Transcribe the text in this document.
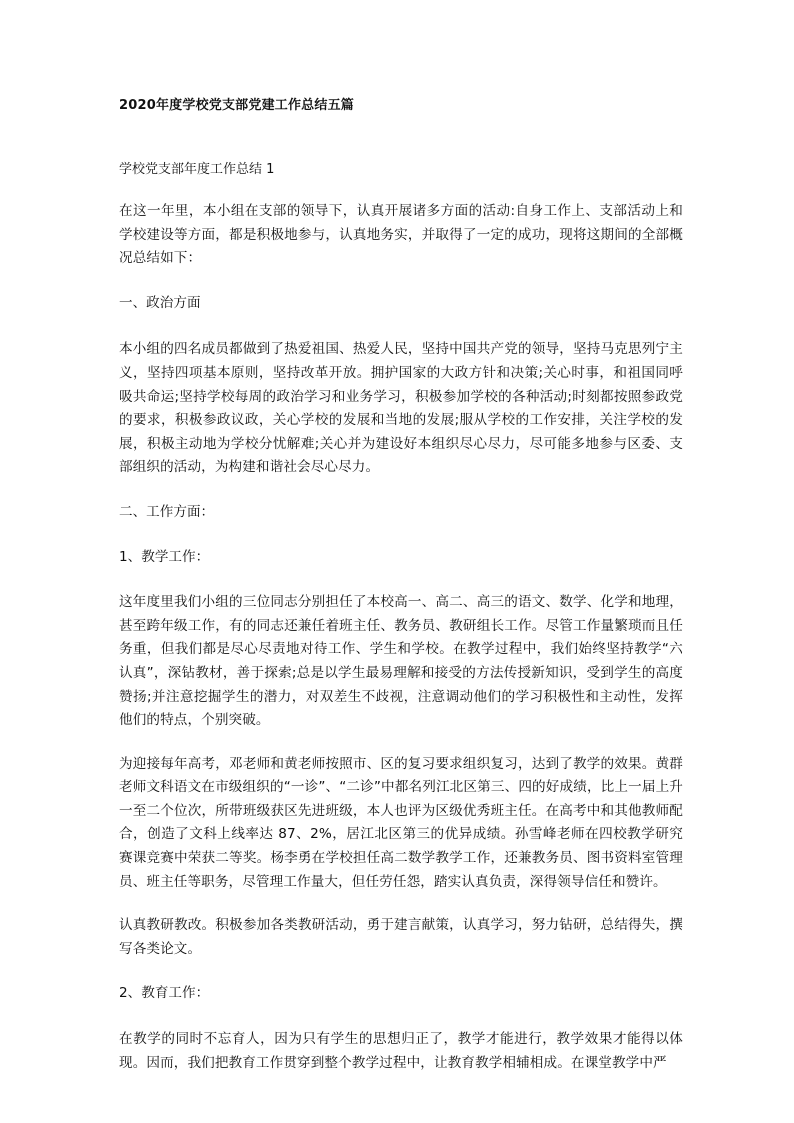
2020年度学校党支部党建工作总结五篇

学校党支部年度工作总结 1

在这一年里，本小组在支部的领导下，认真开展诸多方面的活动:自身工作上、支部活动上和学校建设等方面，都是积极地参与，认真地务实，并取得了一定的成功，现将这期间的全部概况总结如下：

一、政治方面

本小组的四名成员都做到了热爱祖国、热爱人民，坚持中国共产党的领导，坚持马克思列宁主义，坚持四项基本原则，坚持改革开放。拥护国家的大政方针和决策;关心时事，和祖国同呼吸共命运;坚持学校每周的政治学习和业务学习，积极参加学校的各种活动;时刻都按照参政党的要求，积极参政议政，关心学校的发展和当地的发展;服从学校的工作安排，关注学校的发展，积极主动地为学校分忧解难;关心并为建设好本组织尽心尽力，尽可能多地参与区委、支部组织的活动，为构建和谐社会尽心尽力。

二、工作方面：

1、教学工作：

这年度里我们小组的三位同志分别担任了本校高一、高二、高三的语文、数学、化学和地理，甚至跨年级工作，有的同志还兼任着班主任、教务员、教研组长工作。尽管工作量繁琐而且任务重，但我们都是尽心尽责地对待工作、学生和学校。在教学过程中，我们始终坚持教学“六认真”，深钻教材，善于探索;总是以学生最易理解和接受的方法传授新知识，受到学生的高度赞扬;并注意挖掘学生的潜力，对双差生不歧视，注意调动他们的学习积极性和主动性，发挥他们的特点，个别突破。

为迎接每年高考，邓老师和黄老师按照市、区的复习要求组织复习，达到了教学的效果。黄群老师文科语文在市级组织的“一诊”、“二诊”中都名列江北区第三、四的好成绩，比上一届上升一至二个位次，所带班级获区先进班级，本人也评为区级优秀班主任。在高考中和其他教师配合，创造了文科上线率达 87、2%，居江北区第三的优异成绩。孙雪峰老师在四校教学研究赛课竞赛中荣获二等奖。杨李勇在学校担任高二数学教学工作，还兼教务员、图书资料室管理员、班主任等职务，尽管理工作量大，但任劳任怨，踏实认真负责，深得领导信任和赞许。

认真教研教改。积极参加各类教研活动，勇于建言献策，认真学习，努力钻研，总结得失，撰写各类论文。

2、教育工作：

在教学的同时不忘育人，因为只有学生的思想归正了，教学才能进行，教学效果才能得以体现。因而，我们把教育工作贯穿到整个教学过程中，让教育教学相辅相成。在课堂教学中严
